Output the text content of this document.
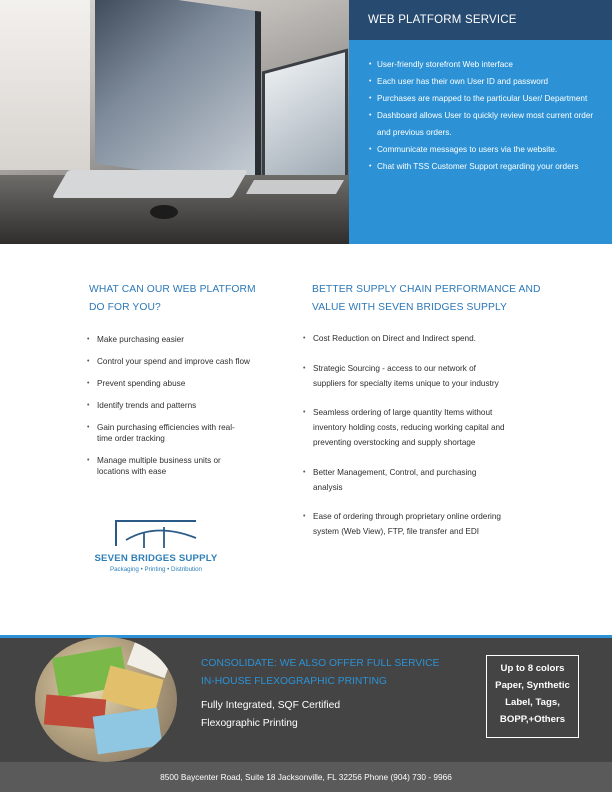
WEB PLATFORM SERVICE
• User-friendly storefront Web interface
• Each user has their own User ID and password
• Purchases are mapped to the particular User/ Department
• Dashboard allows User to quickly review most current order and previous orders.
• Communicate messages to users via the website.
• Chat with TSS Customer Support regarding your orders
WHAT CAN OUR WEB PLATFORM
DO FOR YOU?
• Make purchasing easier
• Control your spend and improve cash flow
• Prevent spending abuse
• Identify trends and patterns
• Gain purchasing efficiencies with real-time order tracking
• Manage multiple business units or locations with ease
BETTER SUPPLY CHAIN PERFORMANCE AND
VALUE WITH SEVEN BRIDGES SUPPLY
• Cost Reduction on Direct and Indirect spend.
• Strategic Sourcing - access to our network of suppliers for specialty items unique to your industry
• Seamless ordering of large quantity Items without inventory holding costs, reducing working capital and preventing overstocking and supply shortage
• Better Management, Control, and purchasing analysis
• Ease of ordering through proprietary online ordering system (Web View), FTP, file transfer and EDI
SEVEN BRIDGES SUPPLY
Packaging • Printing • Distribution
CONSOLIDATE: WE ALSO OFFER FULL SERVICE
IN-HOUSE FLEXOGRAPHIC PRINTING
Fully Integrated, SQF Certified
Flexographic Printing
Up to 8 colors
Paper, Synthetic
Label, Tags,
BOPP,+Others
8500 Baycenter Road, Suite 18 Jacksonville, FL 32256 Phone (904) 730 - 9966
